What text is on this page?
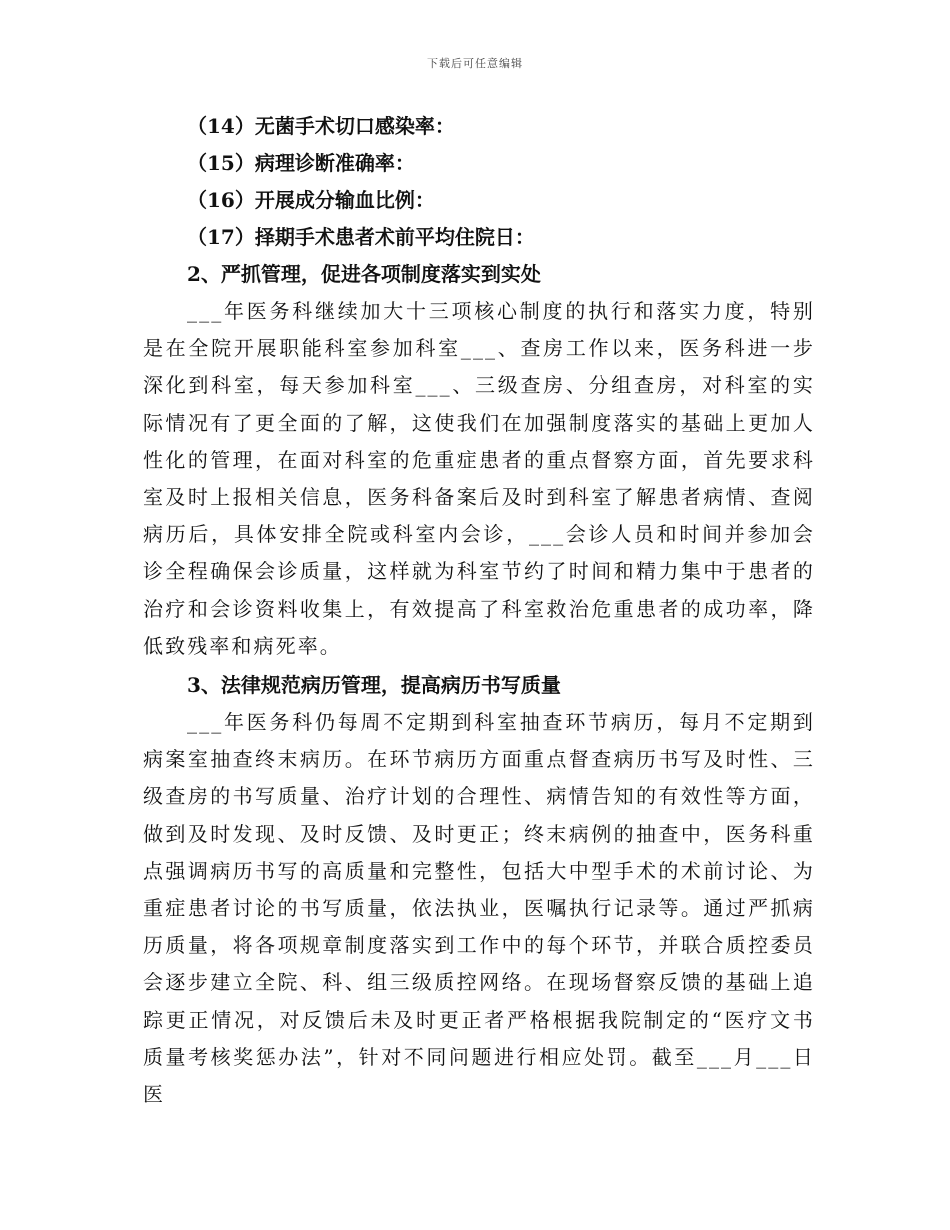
下载后可任意编辑
（14）无菌手术切口感染率：
（15）病理诊断准确率：
（16）开展成分输血比例：
（17）择期手术患者术前平均住院日：
2、严抓管理，促进各项制度落实到实处

___年医务科继续加大十三项核心制度的执行和落实力度，特别是在全院开展职能科室参加科室___、查房工作以来，医务科进一步深化到科室，每天参加科室___、三级查房、分组查房，对科室的实际情况有了更全面的了解，这使我们在加强制度落实的基础上更加人性化的管理，在面对科室的危重症患者的重点督察方面，首先要求科室及时上报相关信息，医务科备案后及时到科室了解患者病情、查阅病历后，具体安排全院或科室内会诊，___会诊人员和时间并参加会诊全程确保会诊质量，这样就为科室节约了时间和精力集中于患者的治疗和会诊资料收集上，有效提高了科室救治危重患者的成功率，降低致残率和病死率。

3、法律规范病历管理，提高病历书写质量

___年医务科仍每周不定期到科室抽查环节病历，每月不定期到病案室抽查终末病历。在环节病历方面重点督查病历书写及时性、三级查房的书写质量、治疗计划的合理性、病情告知的有效性等方面，做到及时发现、及时反馈、及时更正；终末病例的抽查中，医务科重点强调病历书写的高质量和完整性，包括大中型手术的术前讨论、为重症患者讨论的书写质量，依法执业，医嘱执行记录等。通过严抓病历质量，将各项规章制度落实到工作中的每个环节，并联合质控委员会逐步建立全院、科、组三级质控网络。在现场督察反馈的基础上追踪更正情况，对反馈后未及时更正者严格根据我院制定的“医疗文书质量考核奖惩办法”，针对不同问题进行相应处罚。截至___月___日医
